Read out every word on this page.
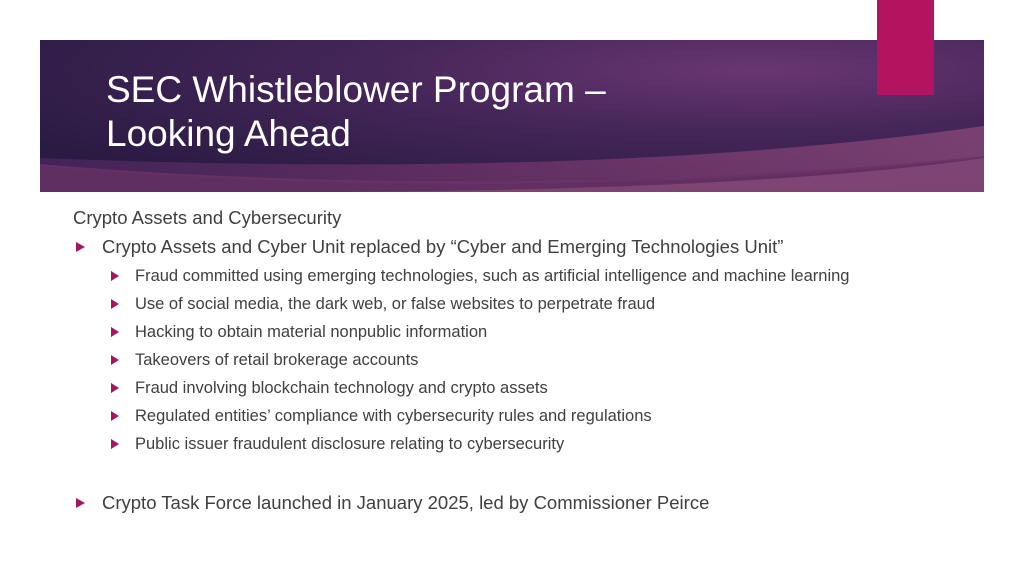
SEC Whistleblower Program –
Looking Ahead

Crypto Assets and Cybersecurity

Crypto Assets and Cyber Unit replaced by “Cyber and Emerging Technologies Unit”
Fraud committed using emerging technologies, such as artificial intelligence and machine learning
Use of social media, the dark web, or false websites to perpetrate fraud
Hacking to obtain material nonpublic information
Takeovers of retail brokerage accounts
Fraud involving blockchain technology and crypto assets
Regulated entities’ compliance with cybersecurity rules and regulations
Public issuer fraudulent disclosure relating to cybersecurity
Crypto Task Force launched in January 2025, led by Commissioner Peirce
